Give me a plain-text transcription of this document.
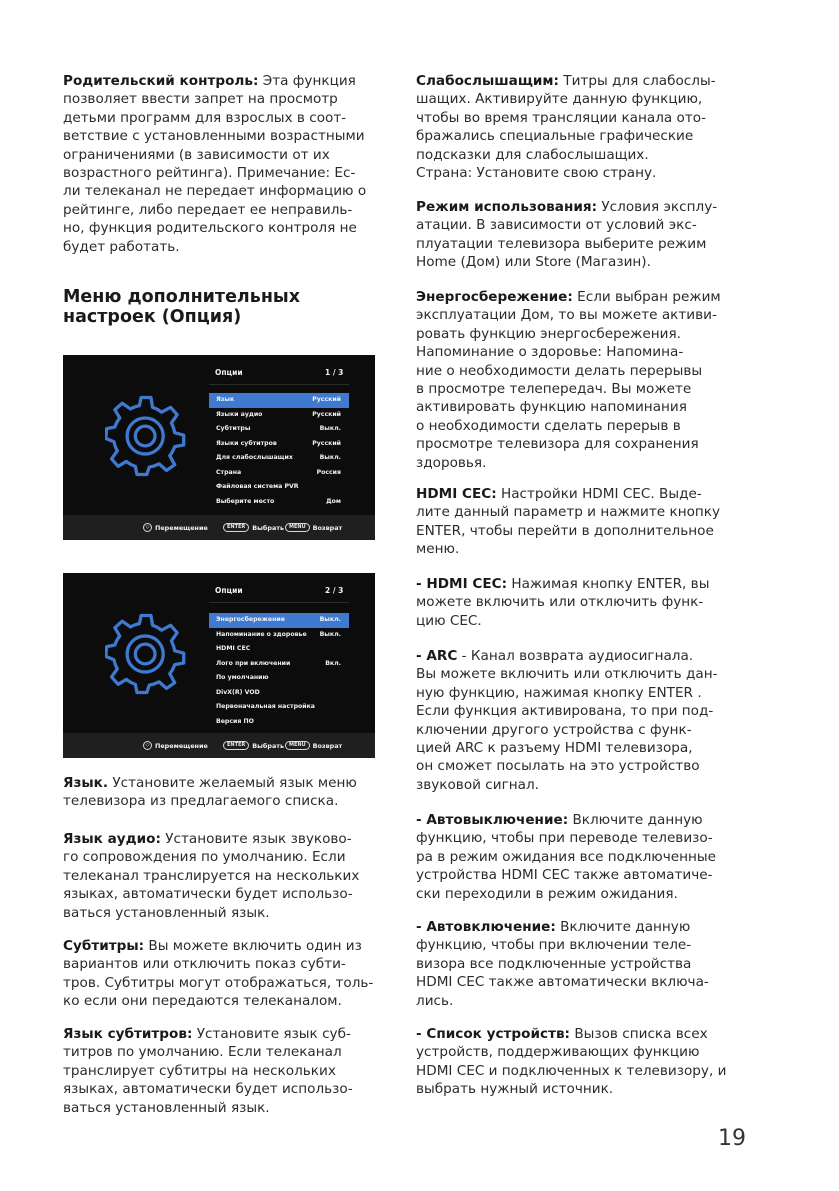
Родительский контроль: Эта функция
позволяет ввести запрет на просмотр
детьми программ для взрослых в соот-
ветствие с установленными возрастными
ограничениями (в зависимости от их
возрастного рейтинга). Примечание: Ес-
ли телеканал не передает информацию о
рейтинге, либо передает ее неправиль-
но, функция родительского контроля не
будет работать.
Меню дополнительных
настроек (Опция)
Опции	1 / 3
Язык	Русский
Языки аудио	Русский
Субтитры	Выкл.
Языки субтитров	Русский
Для слабослышащих	Выкл.
Страна	Россия
Файловая система PVR
Выберите место	Дом
◇ Перемещение	ENTER	Выбрать MENU	Возврат
Опции	2 / 3
Энергосбережение	Выкл.
Напоминание о здоровье Выкл.
HDMI CEC
Лого при включении	Вкл.
По умолчанию
DivX(R) VOD
Первоначальная настройка
Версия ПО
◇ Перемещение	ENTER	Выбрать MENU	Возврат
Язык. Установите желаемый язык меню
телевизора из предлагаемого списка.
Язык аудио: Установите язык звуково-
го сопровождения по умолчанию. Если
телеканал транслируется на нескольких
языках, автоматически будет использо-
ваться установленный язык.
Субтитры: Вы можете включить один из
вариантов или отключить показ субти-
тров. Субтитры могут отображаться, толь-
ко если они передаются телеканалом.
Язык субтитров: Установите язык суб-
титров по умолчанию. Если телеканал
транслирует субтитры на нескольких
языках, автоматически будет использо-
ваться установленный язык.
Слабослышащим: Титры для слабослы-
шащих. Активируйте данную функцию,
чтобы во время трансляции канала ото-
бражались специальные графические
подсказки для слабослышащих.
Страна: Установите свою страну.
Режим использования: Условия эксплу-
атации. В зависимости от условий экс-
плуатации телевизора выберите режим
Home (Дом) или Store (Магазин).
Энергосбережение: Если выбран режим
эксплуатации Дом, то вы можете активи-
ровать функцию энергосбережения.
Напоминание о здоровье: Напомина-
ние о необходимости делать перерывы
в просмотре телепередач. Вы можете
активировать функцию напоминания
о необходимости сделать перерыв в
просмотре телевизора для сохранения
здоровья.
HDMI CEC: Настройки HDMI CEC. Выде-
лите данный параметр и нажмите кнопку
ENTER, чтобы перейти в дополнительное
меню.
- HDMI CEC: Нажимая кнопку ENTER, вы
можете включить или отключить функ-
цию CEC.
- ARC - Канал возврата аудиосигнала.
Вы можете включить или отключить дан-
ную функцию, нажимая кнопку ENTER .
Если функция активирована, то при под-
ключении другого устройства с функ-
цией ARC к разъему HDMI телевизора,
он сможет посылать на это устройство
звуковой сигнал.
- Автовыключение: Включите данную
функцию, чтобы при переводе телевизо-
ра в режим ожидания все подключенные
устройства HDMI CEC также автоматиче-
ски переходили в режим ожидания.
- Автовключение: Включите данную
функцию, чтобы при включении теле-
визора все подключенные устройства
HDMI CEC также автоматически включа-
лись.
- Список устройств: Вызов списка всех
устройств, поддерживающих функцию
HDMI CEC и подключенных к телевизору, и
выбрать нужный источник.
19
